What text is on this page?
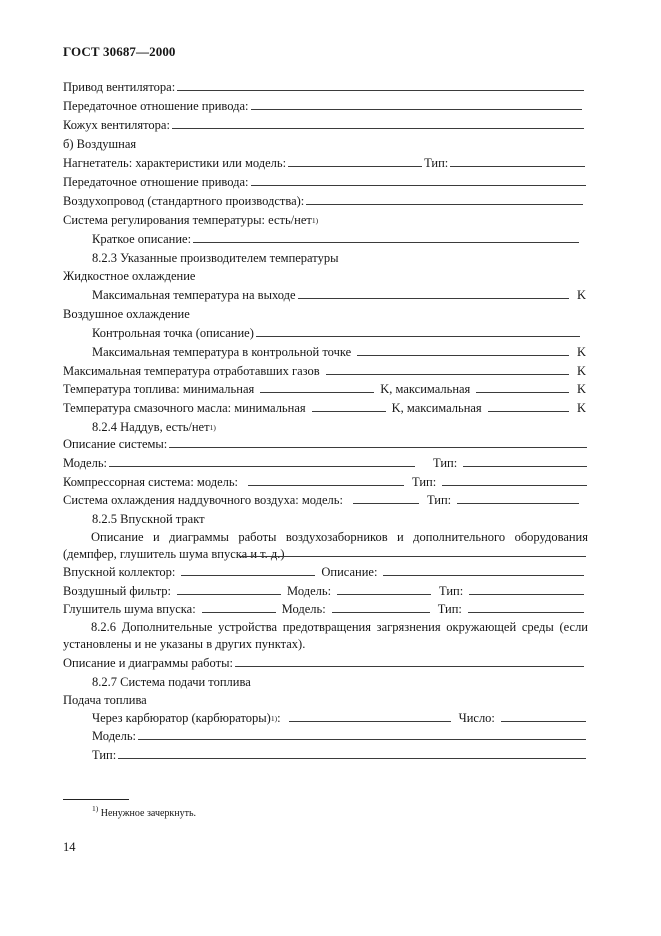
ГОСТ 30687—2000
Привод вентилятора:
Передаточное отношение привода:
Кожух вентилятора:
б) Воздушная
Нагнетатель: характеристики или модель:	Тип:
Передаточное отношение привода:
Воздухопровод (стандартного производства):
Система регулирования температуры: есть/нет$^{1)}$
Краткое описание:
8.2.3 Указанные производителем температуры
Жидкостное охлаждение
Максимальная температура на выходе	K
Воздушное охлаждение
Контрольная точка (описание)
Максимальная температура в контрольной точке	K
Максимальная температура отработавших газов	K
Температура топлива: минимальная	K, максимальная	K
Температура смазочного масла: минимальная	K, максимальная	K
8.2.4 Наддув, есть/нет$^{1)}$
Описание системы:
Модель:	Тип:
Компрессорная система: модель:	Тип:
Система охлаждения наддувочного воздуха: модель:	Тип:
8.2.5 Впускной тракт
Описание и диаграммы работы воздухозаборников и дополнительного оборудования (демпфер, глушитель шума впуска и т. д.)
Впускной коллектор:	Описание:
Воздушный фильтр:	Модель:	Тип:
Глушитель шума впуска:	Модель:	Тип:
8.2.6 Дополнительные устройства предотвращения загрязнения окружающей среды (если установлены и не указаны в других пунктах).
Описание и диаграммы работы:
8.2.7 Система подачи топлива
Подача топлива
Через карбюратор (карбюраторы)$^{1)}$ :	Число:
Модель:
Тип:
$^{1)}$ Ненужное зачеркнуть.
14
